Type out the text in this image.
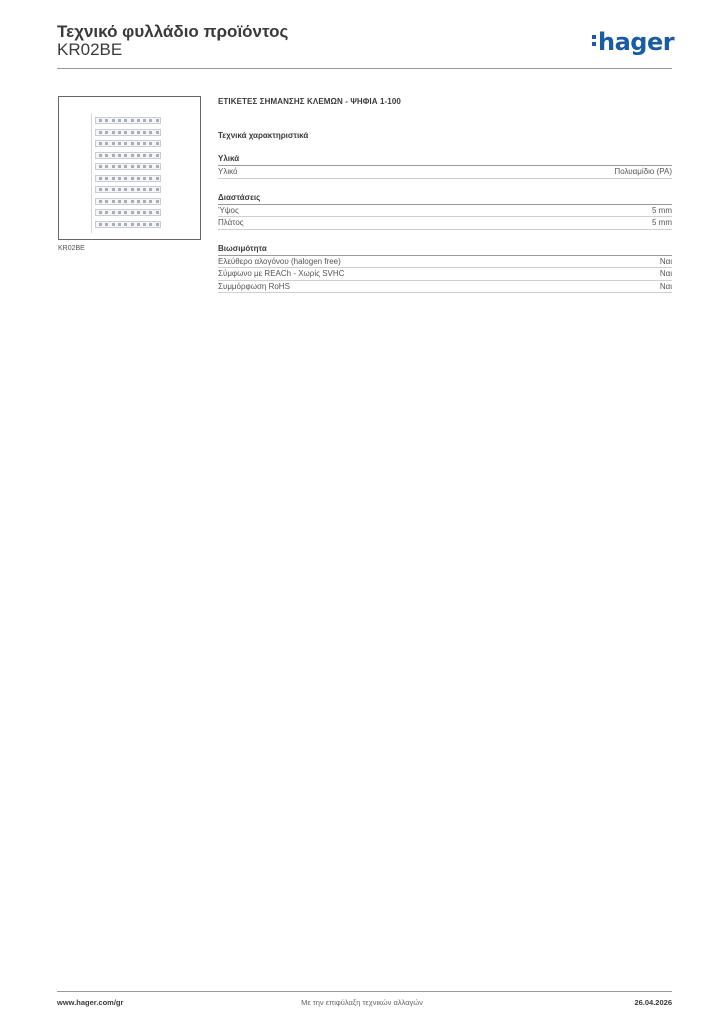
Τεχνικό φυλλάδιο προϊόντος
KR02BE	hager
KR02BE
ΕΤΙΚΕΤΕΣ ΣΗΜΑΝΣΗΣ ΚΛΕΜΩΝ - ΨΗΦΙΑ 1-100
Τεχνικά χαρακτηριστικά
Υλικά
Υλικό	Πολυαμίδιο (PA)
Διαστάσεις
Ύψος	5 mm
Πλάτος	5 mm
Βιωσιμότητα
Ελεύθερο αλογόνου (halogen free)	Ναι
Σύμφωνο με REACh - Χωρίς SVHC	Ναι
Συμμόρφωση RoHS	Ναι
www.hager.com/gr	Με την επιφύλαξη τεχνικών αλλαγών	26.04.2026
